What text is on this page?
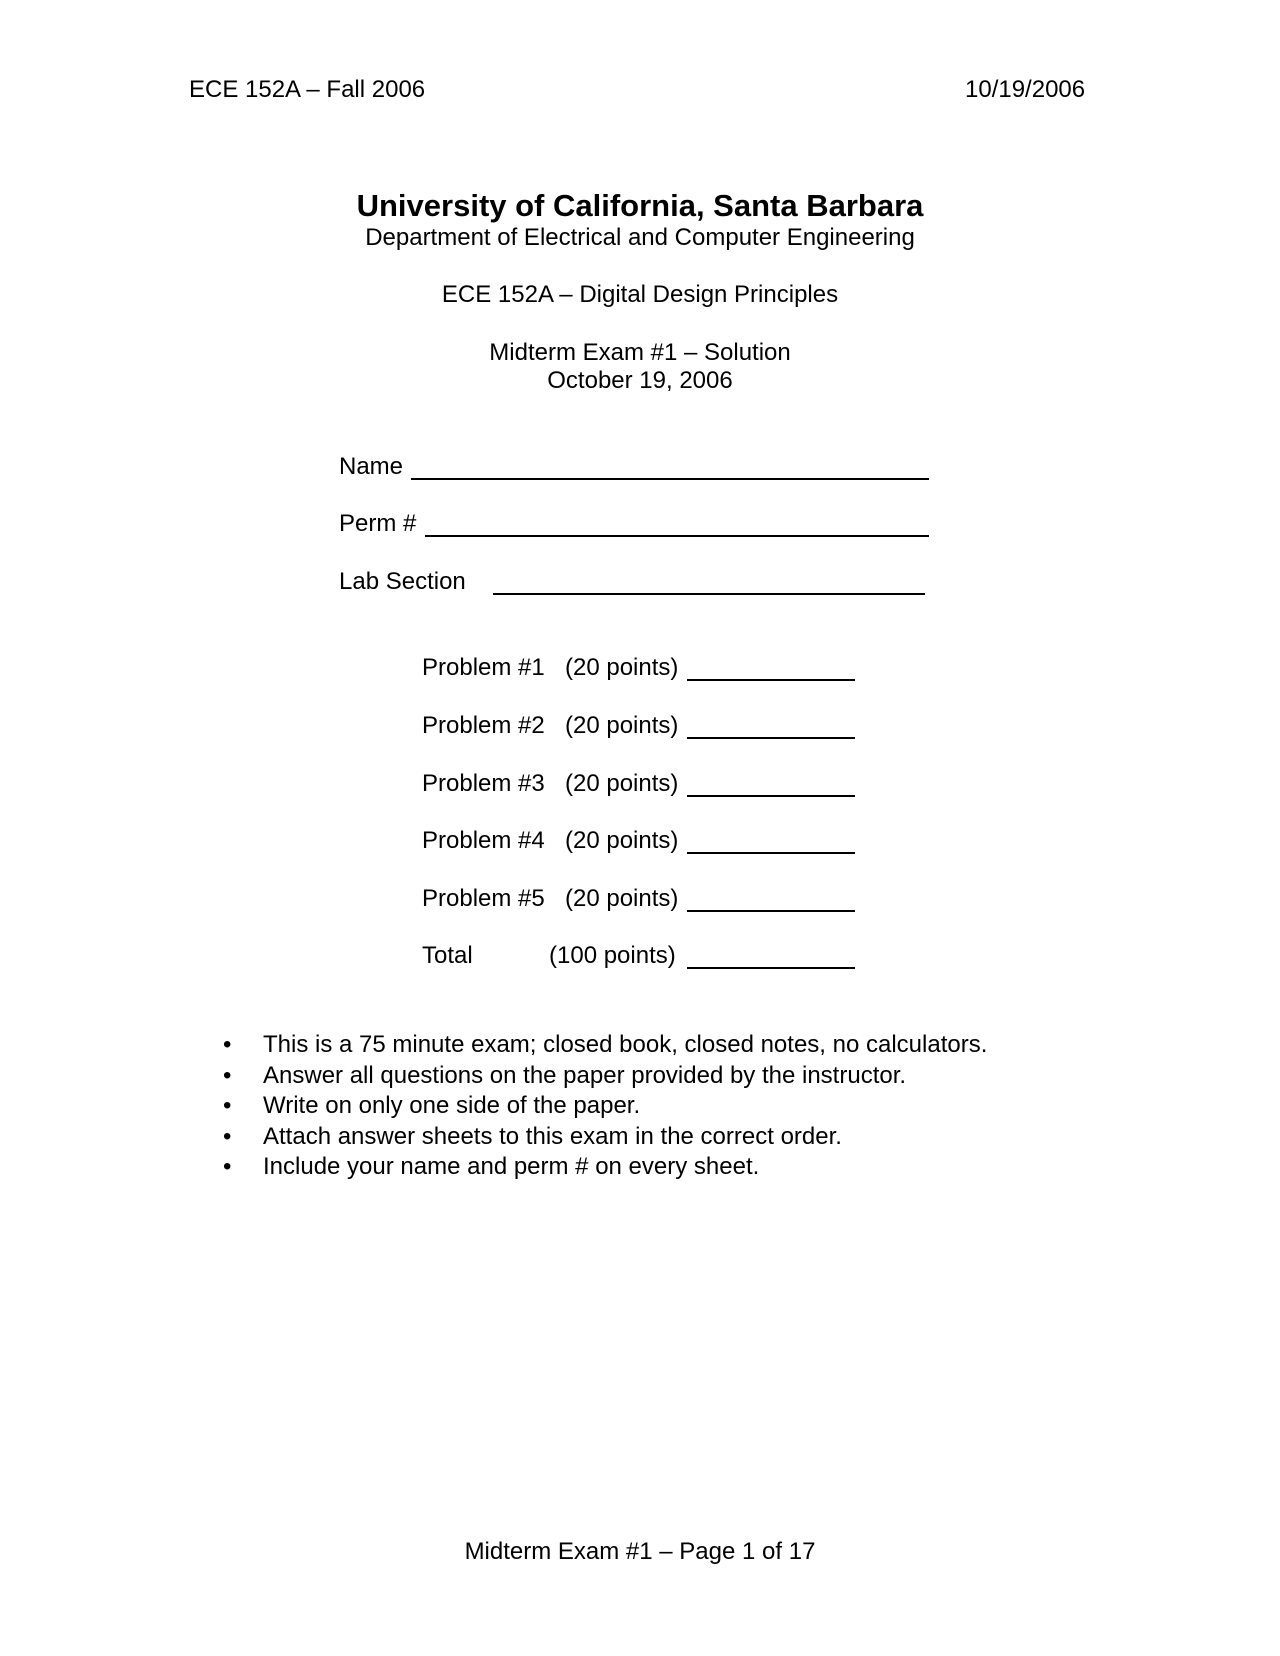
ECE 152A – Fall 2006	10/19/2006
University of California, Santa Barbara
Department of Electrical and Computer Engineering
ECE 152A – Digital Design Principles
Midterm Exam #1 – Solution
October 19, 2006
Name
Perm #
Lab Section
Problem #1 (20 points)
Problem #2 (20 points)
Problem #3 (20 points)
Problem #4 (20 points)
Problem #5 (20 points)
Total	(100 points)
• This is a 75 minute exam; closed book, closed notes, no calculators.
• Answer all questions on the paper provided by the instructor.
• Write on only one side of the paper.
• Attach answer sheets to this exam in the correct order.
• Include your name and perm # on every sheet.
Midterm Exam #1 – Page 1 of 17
